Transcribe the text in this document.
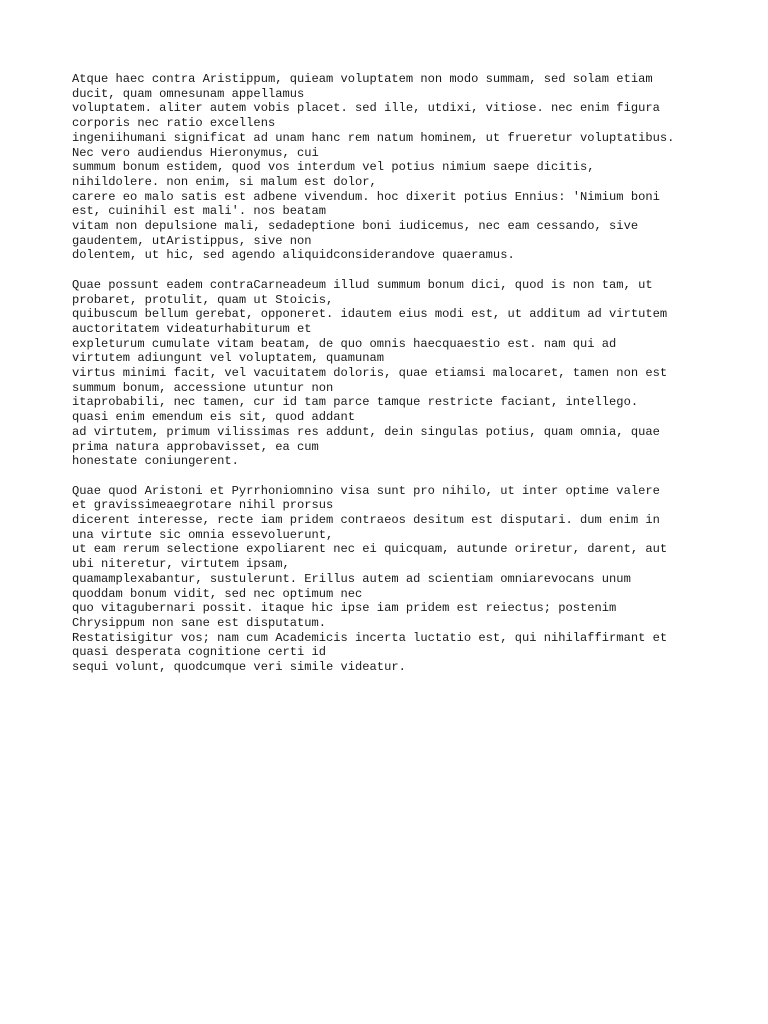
Atque haec contra Aristippum, quieam voluptatem non modo summam, sed solam etiam
ducit, quam omnesunam appellamus
voluptatem. aliter autem vobis placet. sed ille, utdixi, vitiose. nec enim figura
corporis nec ratio excellens
ingeniihumani significat ad unam hanc rem natum hominem, ut frueretur voluptatibus.
Nec vero audiendus Hieronymus, cui
summum bonum estidem, quod vos interdum vel potius nimium saepe dicitis,
nihildolere. non enim, si malum est dolor,
carere eo malo satis est adbene vivendum. hoc dixerit potius Ennius: 'Nimium boni
est, cuinihil est mali'. nos beatam
vitam non depulsione mali, sedadeptione boni iudicemus, nec eam cessando, sive
gaudentem, utAristippus, sive non
dolentem, ut hic, sed agendo aliquidconsiderandove quaeramus.
Quae possunt eadem contraCarneadeum illud summum bonum dici, quod is non tam, ut
probaret, protulit, quam ut Stoicis,
quibuscum bellum gerebat, opponeret. idautem eius modi est, ut additum ad virtutem
auctoritatem videaturhabiturum et
expleturum cumulate vitam beatam, de quo omnis haecquaestio est. nam qui ad
virtutem adiungunt vel voluptatem, quamunam
virtus minimi facit, vel vacuitatem doloris, quae etiamsi malocaret, tamen non est
summum bonum, accessione utuntur non
itaprobabili, nec tamen, cur id tam parce tamque restricte faciant, intellego.
quasi enim emendum eis sit, quod addant
ad virtutem, primum vilissimas res addunt, dein singulas potius, quam omnia, quae
prima natura approbavisset, ea cum
honestate coniungerent.
Quae quod Aristoni et Pyrrhoniomnino visa sunt pro nihilo, ut inter optime valere
et gravissimeaegrotare nihil prorsus
dicerent interesse, recte iam pridem contraeos desitum est disputari. dum enim in
una virtute sic omnia essevoluerunt,
ut eam rerum selectione expoliarent nec ei quicquam, autunde oriretur, darent, aut
ubi niteretur, virtutem ipsam,
quamamplexabantur, sustulerunt. Erillus autem ad scientiam omniarevocans unum
quoddam bonum vidit, sed nec optimum nec
quo vitagubernari possit. itaque hic ipse iam pridem est reiectus; postenim
Chrysippum non sane est disputatum.
Restatisigitur vos; nam cum Academicis incerta luctatio est, qui nihilaffirmant et
quasi desperata cognitione certi id
sequi volunt, quodcumque veri simile videatur.
